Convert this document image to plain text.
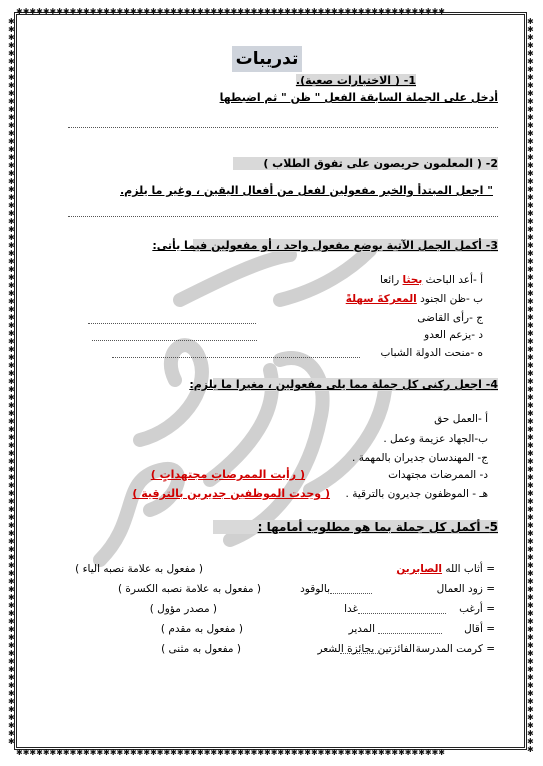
✱✱✱✱✱✱✱✱✱✱✱✱✱✱✱✱✱✱✱✱✱✱✱✱✱✱✱✱✱✱✱✱✱✱✱✱✱✱✱✱✱✱✱✱✱✱✱✱✱✱✱✱✱✱✱✱✱✱✱✱✱✱✱✱
✱✱✱✱✱✱✱✱✱✱✱✱✱✱✱✱✱✱✱✱✱✱✱✱✱✱✱✱✱✱✱✱✱✱✱✱✱✱✱✱✱✱✱✱✱✱✱✱✱✱✱✱✱✱✱✱✱✱✱✱✱✱✱✱
✱✱✱✱✱✱✱✱✱✱✱✱✱✱✱✱✱✱✱✱✱✱✱✱✱✱✱✱✱✱✱✱✱✱✱✱✱✱✱✱✱✱✱✱✱✱✱✱✱✱✱✱✱✱✱✱✱✱✱✱✱✱✱✱✱✱✱✱✱✱✱✱✱✱✱✱✱✱✱✱✱✱✱✱✱✱✱✱✱✱✱
✱✱✱✱✱✱✱✱✱✱✱✱✱✱✱✱✱✱✱✱✱✱✱✱✱✱✱✱✱✱✱✱✱✱✱✱✱✱✱✱✱✱✱✱✱✱✱✱✱✱✱✱✱✱✱✱✱✱✱✱✱✱✱✱✱✱✱✱✱✱✱✱✱✱✱✱✱✱✱✱✱✱✱✱✱✱✱✱✱✱✱✱
تدريبات
1- ( الاختبارات صعبة).
أدخل على الجملة السابقة الفعل " ظن " ثم اضبطها
2- ( المعلمون حريصون على تفوق الطلاب )
" اجعل المبتدأ والخبر مفعولين لفعل من أفعال اليقين ، وغير ما يلزم.
3- أكمل الجمل الآتية بوضع مفعول واحد ، أو مفعولين فيما يأتى:
أ -أعد الباحث بحثا رائعا
ب -ظن الجنود المعركةَ سهلةً
ج -رأى القاضى
د -يزعم العدو
ه -منحت الدولة الشباب
4- اجعل ركنى كل جملة مما يلى مفعولين ، مغيرا ما يلزم:
أ -العمل حق
ب-الجهاد عزيمة وعمل .
ج- المهندسان جديران بالمهمة .
د- الممرضات مجتهدات
( رأيت الممرضاتِ مجتهداتٍ )
هـ - الموظفون جديرون بالترقية .
( وجدت الموظفين جديرين بالترقية )
5- أكمل كل جملة بما هو مطلوب أمامها :
= أثاب الله الصابرين
( مفعول به علامة نصبه الياء )
= زود العمال
بالوقود
( مفعول به علامة نصبه الكسرة )
= أرغب
غدا
( مصدر مؤول )
= أقال
المدير
( مفعول به مقدم )
= كرمت المدرسة
الفائزتين بجائزة الشعر
( مفعول به مثنى )
